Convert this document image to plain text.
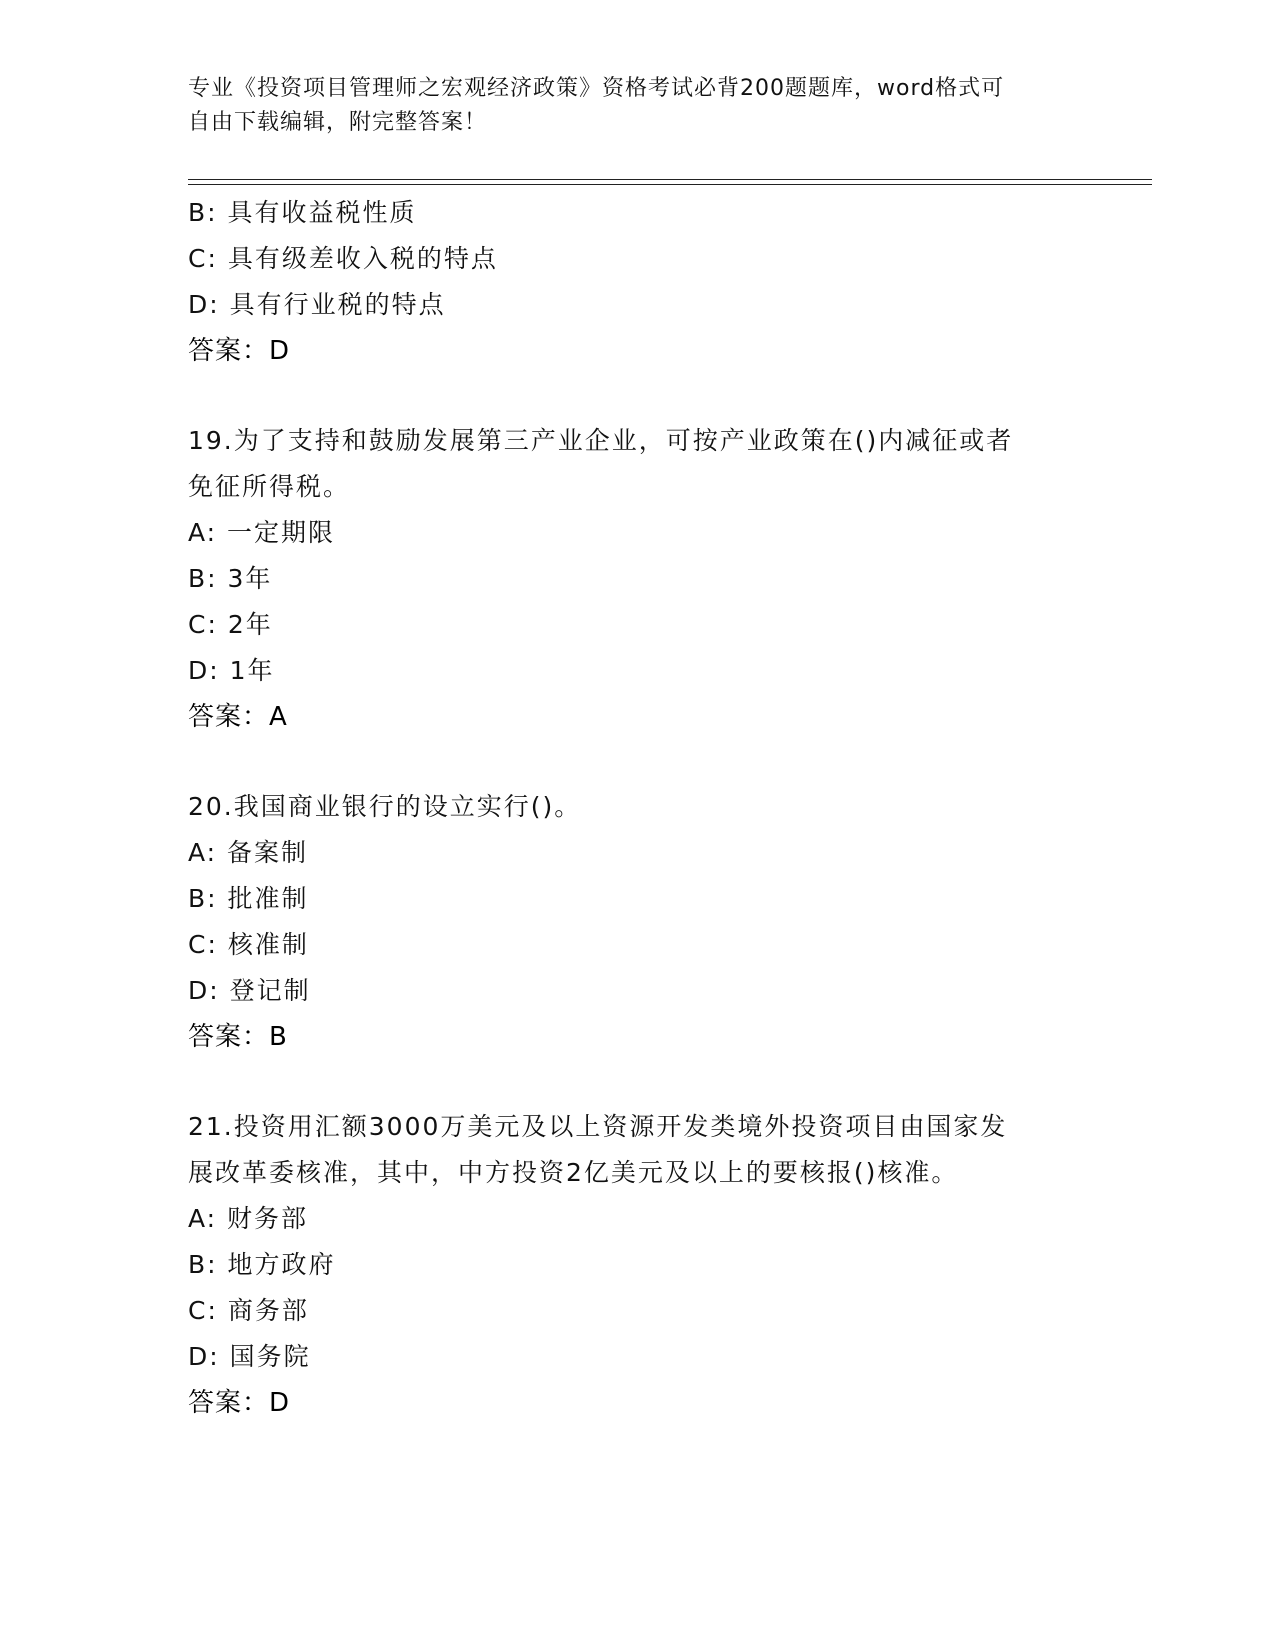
专业《投资项目管理师之宏观经济政策》资格考试必背200题题库，word格式可
自由下载编辑，附完整答案！
B: 具有收益税性质
C: 具有级差收入税的特点
D: 具有行业税的特点
答案：D
19.为了支持和鼓励发展第三产业企业，可按产业政策在()内减征或者
免征所得税。
A: 一定期限
B: 3年
C: 2年
D: 1年
答案：A
20.我国商业银行的设立实行()。
A: 备案制
B: 批准制
C: 核准制
D: 登记制
答案：B
21.投资用汇额3000万美元及以上资源开发类境外投资项目由国家发
展改革委核准，其中，中方投资2亿美元及以上的要核报()核准。
A: 财务部
B: 地方政府
C: 商务部
D: 国务院
答案：D
